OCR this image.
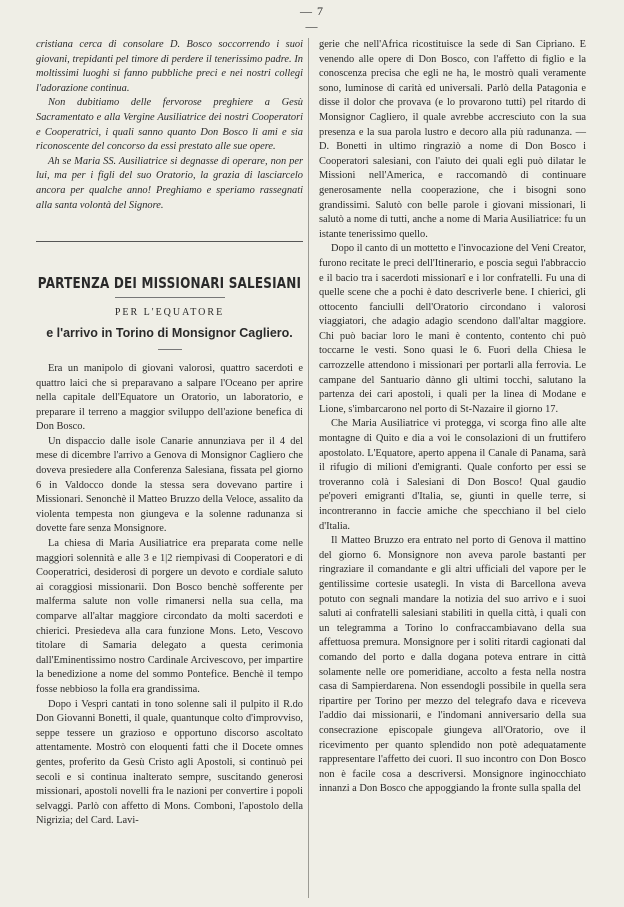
— 7 —

cristiana cerca di consolare D. Bosco soccorrendo i suoi giovani, trepidanti pel timore di perdere il tenerissimo padre. In moltissimi luoghi si fanno pubbliche preci e nei nostri collegi l'adorazione continua.

Non dubitiamo delle fervorose preghiere a Gesù Sacramentato e alla Vergine Ausiliatrice dei nostri Cooperatori e Cooperatrici, i quali sanno quanto Don Bosco li ami e sia riconoscente del concorso da essi prestato alle sue opere.

Ah se Maria SS. Ausiliatrice si degnasse di operare, non per lui, ma per i figli del suo Oratorio, la grazia di lasciarcelo ancora per qualche anno! Preghiamo e speriamo rassegnati alla santa volontà del Signore.

PARTENZA DEI MISSIONARI SALESIANI
PER L'EQUATORE
e l'arrivo in Torino di Monsignor Cagliero.

Era un manipolo di giovani valorosi, quattro sacerdoti e quattro laici che si preparavano a salpare l'Oceano per aprire nella capitale dell'Equatore un Oratorio, un laboratorio, e preparare il terreno a maggior sviluppo dell'azione benefica di Don Bosco.

Un dispaccio dalle isole Canarie annunziava per il 4 del mese di dicembre l'arrivo a Genova di Monsignor Cagliero che doveva presiedere alla Conferenza Salesiana, fissata pel giorno 6 in Valdocco donde la stessa sera dovevano partire i Missionari. Senonchè il Matteo Bruzzo della Veloce, assalito da violenta tempesta non giungeva e la solenne radunanza si dovette fare senza Monsignore.

La chiesa di Maria Ausiliatrice era preparata come nelle maggiori solennità e alle 3 e 1|2 riempivasi di Cooperatori e di Cooperatrici, desiderosi di porgere un devoto e cordiale saluto ai coraggiosi missionarii. Don Bosco benchè sofferente per malferma salute non volle rimanersi nella sua cella, ma comparve all'altar maggiore circondato da molti sacerdoti e chierici. Presiedeva alla cara funzione Mons. Leto, Vescovo titolare di Samaria delegato a questa cerimonia dall'Eminentissimo nostro Cardinale Arcivescovo, per impartire la benedizione a nome del sommo Pontefice. Benchè il tempo fosse nebbioso la folla era grandissima.

Dopo i Vespri cantati in tono solenne sali il pulpito il R.do Don Giovanni Bonetti, il quale, quantunque colto d'improvviso, seppe tessere un grazioso e opportuno discorso ascoltato attentamente. Mostrò con eloquenti fatti che il Docete omnes gentes, proferito da Gesù Cristo agli Apostoli, si continuò pei secoli e si continua inalterato sempre, suscitando generosi missionari, apostoli novelli fra le nazioni per convertire i popoli selvaggi. Parlò con affetto di Mons. Comboni, l'apostolo della Nigrizia; del Card. Lavi-

gerie che nell'Africa ricostituisce la sede di San Cipriano. E venendo alle opere di Don Bosco, con l'affetto di figlio e la conoscenza precisa che egli ne ha, le mostrò quali veramente sono, luminose di carità ed universali. Parlò della Patagonia e disse il dolor che provava (e lo provarono tutti) pel ritardo di Monsignor Cagliero, il quale avrebbe accresciuto con la sua presenza e la sua parola lustro e decoro alla più radunanza. — D. Bonetti in ultimo ringraziò a nome di Don Bosco i Cooperatori salesiani, con l'aiuto dei quali egli può dilatar le Missioni nell'America, e raccomandò di continuare generosamente nella cooperazione, che i bisogni sono grandissimi. Salutò con belle parole i giovani missionari, li salutò a nome di tutti, anche a nome di Maria Ausiliatrice: fu un istante tenerissimo quello.

Dopo il canto di un mottetto e l'invocazione del Veni Creator, furono recitate le preci dell'Itinerario, e poscia seguì l'abbraccio e il bacio tra i sacerdoti missionarî e i lor confratelli. Fu una di quelle scene che a pochi è dato descriverle bene. I chierici, gli ottocento fanciulli dell'Oratorio circondano i valorosi viaggiatori, che adagio adagio scendono dall'altar maggiore. Chi può baciar loro le mani è contento, contento chi può toccarne le vesti. Sono quasi le 6. Fuori della Chiesa le carrozzelle attendono i missionari per portarli alla ferrovia. Le campane del Santuario dànno gli ultimi tocchi, salutano la partenza dei cari apostoli, i quali per la linea di Modane e Lione, s'imbarcarono nel porto di St-Nazaire il giorno 17.

Che Maria Ausiliatrice vi protegga, vi scorga fino alle alte montagne di Quito e dia a voi le consolazioni di un fruttifero apostolato. L'Equatore, aperto appena il Canale di Panama, sarà il rifugio di milioni d'emigranti. Quale conforto per essi se troveranno colà i Salesiani di Don Bosco! Qual gaudio pe'poveri emigranti d'Italia, se, giunti in quelle terre, si incontreranno in faccie amiche che specchiano il bel cielo d'Italia.

Il Matteo Bruzzo era entrato nel porto di Genova il mattino del giorno 6. Monsignore non aveva parole bastanti per ringraziare il comandante e gli altri ufficiali del vapore per le gentilissime cortesie usategli. In vista di Barcellona aveva potuto con segnali mandare la notizia del suo arrivo e i suoi saluti ai confratelli salesiani stabiliti in quella città, i quali con un telegramma a Torino lo confraccambiavano della sua affettuosa premura. Monsignore per i soliti ritardi cagionati dal comando del porto e dalla dogana poteva entrare in città solamente nelle ore pomeridiane, accolto a festa nella nostra casa di Sampierdarena. Non essendogli possibile in quella sera ripartire per Torino per mezzo del telegrafo dava e riceveva l'addio dai missionarii, e l'indomani anniversario della sua consecrazione episcopale giungeva all'Oratorio, ove il ricevimento per quanto splendido non potè adequatamente rappresentare l'affetto dei cuori. Il suo incontro con Don Bosco non è facile cosa a descriversi. Monsignore inginocchiato innanzi a Don Bosco che appoggiando la fronte sulla spalla del
